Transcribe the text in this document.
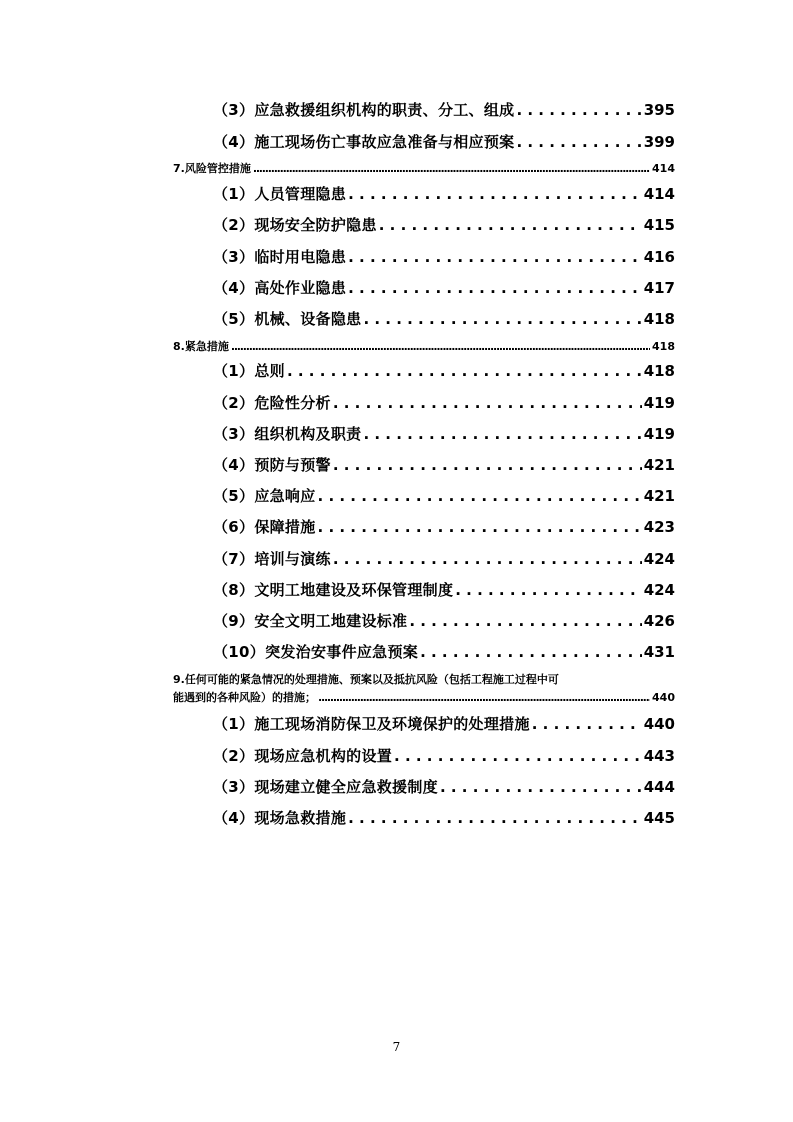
（3）应急救援组织机构的职责、分工、组成 . . .	395
（4）施工现场伤亡事故应急准备与相应预案 . . .	399
7.风险管控措施 .....	414
（1）人员管理隐患 . . .	414
（2）现场安全防护隐患 . . .	415
（3）临时用电隐患 . . .	416
（4）高处作业隐患 . . .	417
（5）机械、设备隐患 . . .	418
8.紧急措施 .....	418
（1）总则 . . .	418
（2）危险性分析 . . .	419
（3）组织机构及职责 . . .	419
（4）预防与预警 . . .	421
（5）应急响应 . . .	421
（6）保障措施 . . .	423
（7）培训与演练 . . .	424
（8）文明工地建设及环保管理制度 . . .	424
（9）安全文明工地建设标准 . . .	426
（10）突发治安事件应急预案 . . .	431
9.任何可能的紧急情况的处理措施、预案以及抵抗风险（包括工程施工过程中可
能遇到的各种风险）的措施； .....	440
（1）施工现场消防保卫及环境保护的处理措施 . . .	440
（2）现场应急机构的设置 . . .	443
（3）现场建立健全应急救援制度 . . .	444
（4）现场急救措施 . . .	445
7
